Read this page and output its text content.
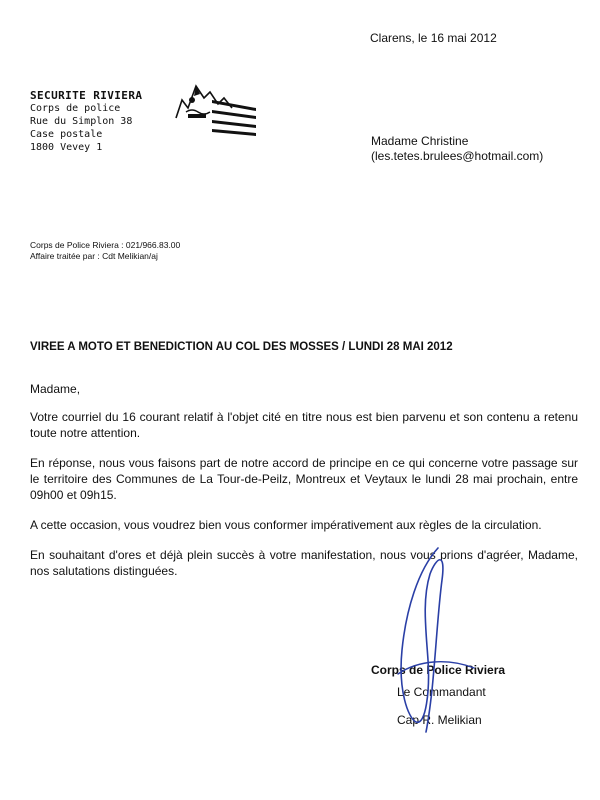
Clarens, le 16 mai 2012
SECURITE RIVIERA
Corps de police
Rue du Simplon 38
Case postale
1800 Vevey 1	Madame Christine
(les.tetes.brulees@hotmail.com)
Corps de Police Riviera : 021/966.83.00
Affaire traitée par : Cdt Melikian/aj
VIREE A MOTO ET BENEDICTION AU COL DES MOSSES / LUNDI 28 MAI 2012

Madame,

Votre courriel du 16 courant relatif à l'objet cité en titre nous est bien parvenu et son contenu a retenu toute notre attention.

En réponse, nous vous faisons part de notre accord de principe en ce qui concerne votre passage sur le territoire des Communes de La Tour-de-Peilz, Montreux et Veytaux le lundi 28 mai prochain, entre 09h00 et 09h15.

A cette occasion, vous voudrez bien vous conformer impérativement aux règles de la circulation.

En souhaitant d'ores et déjà plein succès à votre manifestation, nous vous prions d'agréer, Madame, nos salutations distinguées.

Corps de Police Riviera
Le Commandant
Cap R. Melikian
